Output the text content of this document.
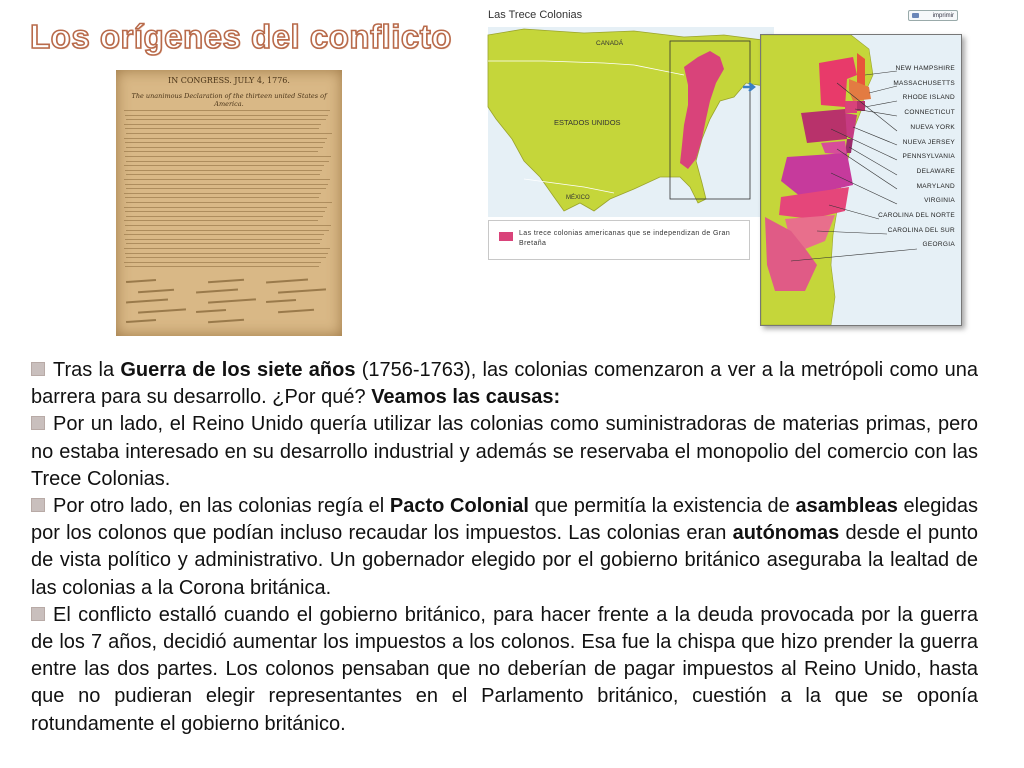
Los orígenes del conflicto
IN CONGRESS. JULY 4, 1776.
The unanimous Declaration of the thirteen united States of America.
Las Trece Colonias
CANADÁ
ESTADOS UNIDOS
MÉXICO
imprimir
Las trece colonias americanas que se independizan de Gran Bretaña
NEW HAMPSHIRE
MASSACHUSETTS
RHODE ISLAND
CONNECTICUT
NUEVA YORK
NUEVA JERSEY
PENNSYLVANIA
DELAWARE
MARYLAND
VIRGINIA
CAROLINA DEL NORTE
CAROLINA DEL SUR
GEORGIA

Tras la Guerra de los siete años (1756-1763), las colonias comenzaron a ver a la metrópoli como una barrera para su desarrollo. ¿Por qué? Veamos las causas:

Por un lado, el Reino Unido quería utilizar las colonias como suministradoras de materias primas, pero no estaba interesado en su desarrollo industrial y además se reservaba el monopolio del comercio con las Trece Colonias.

Por otro lado, en las colonias regía el Pacto Colonial que permitía la existencia de asambleas elegidas por los colonos que podían incluso recaudar los impuestos. Las colonias eran autónomas desde el punto de vista político y administrativo. Un gobernador elegido por el gobierno británico aseguraba la lealtad de las colonias a la Corona británica.

El conflicto estalló cuando el gobierno británico, para hacer frente a la deuda provocada por la guerra de los 7 años, decidió aumentar los impuestos a los colonos. Esa fue la chispa que hizo prender la guerra entre las dos partes. Los colonos pensaban que no deberían de pagar impuestos al Reino Unido, hasta que no pudieran elegir representantes en el Parlamento británico, cuestión a la que se oponía rotundamente el gobierno británico.
